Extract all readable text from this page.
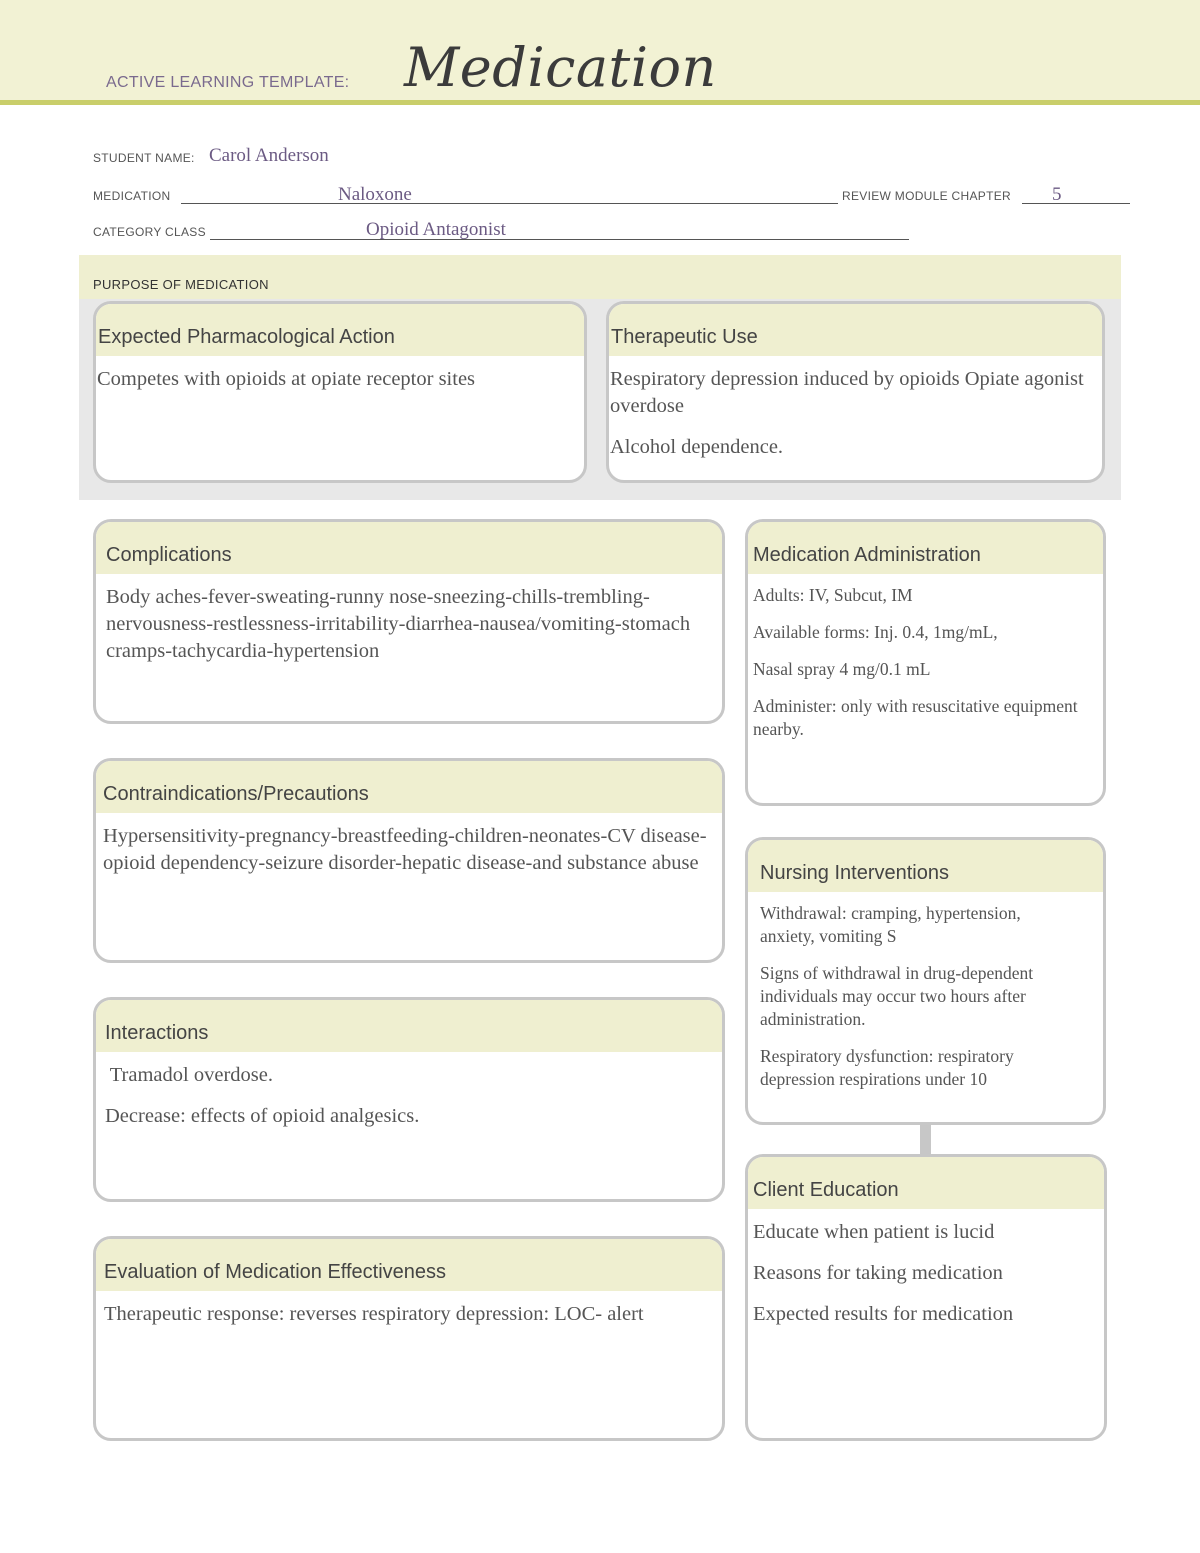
ACTIVE LEARNING TEMPLATE: Medication
STUDENT NAME: Carol Anderson
MEDICATION	Naloxone	REVIEW MODULE CHAPTER 5
CATEGORY CLASS	Opioid Antagonist
PURPOSE OF MEDICATION
Expected Pharmacological Action

Competes with opioids at opiate receptor sites

Therapeutic Use

Respiratory depression induced by opioids Opiate agonist overdose

Alcohol dependence.

Complications

Body aches-fever-sweating-runny nose-sneezing-chills-trembling-nervousness-restlessness-irritability-diarrhea-nausea/vomiting-stomach cramps-tachycardia-hypertension

Contraindications/Precautions

Hypersensitivity-pregnancy-breastfeeding-children-neonates-CV disease-opioid dependency-seizure disorder-hepatic disease-and substance abuse

Interactions

Tramadol overdose.

Decrease: effects of opioid analgesics.

Evaluation of Medication Effectiveness

Therapeutic response: reverses respiratory depression: LOC- alert

Medication Administration

Adults: IV, Subcut, IM

Available forms: Inj. 0.4, 1mg/mL,

Nasal spray 4 mg/0.1 mL

Administer: only with resuscitative equipment nearby.

Nursing Interventions

Withdrawal: cramping, hypertension, anxiety, vomiting S

Signs of withdrawal in drug-dependent individuals may occur two hours after administration.

Respiratory dysfunction: respiratory depression respirations under 10

Client Education

Educate when patient is lucid

Reasons for taking medication

Expected results for medication
